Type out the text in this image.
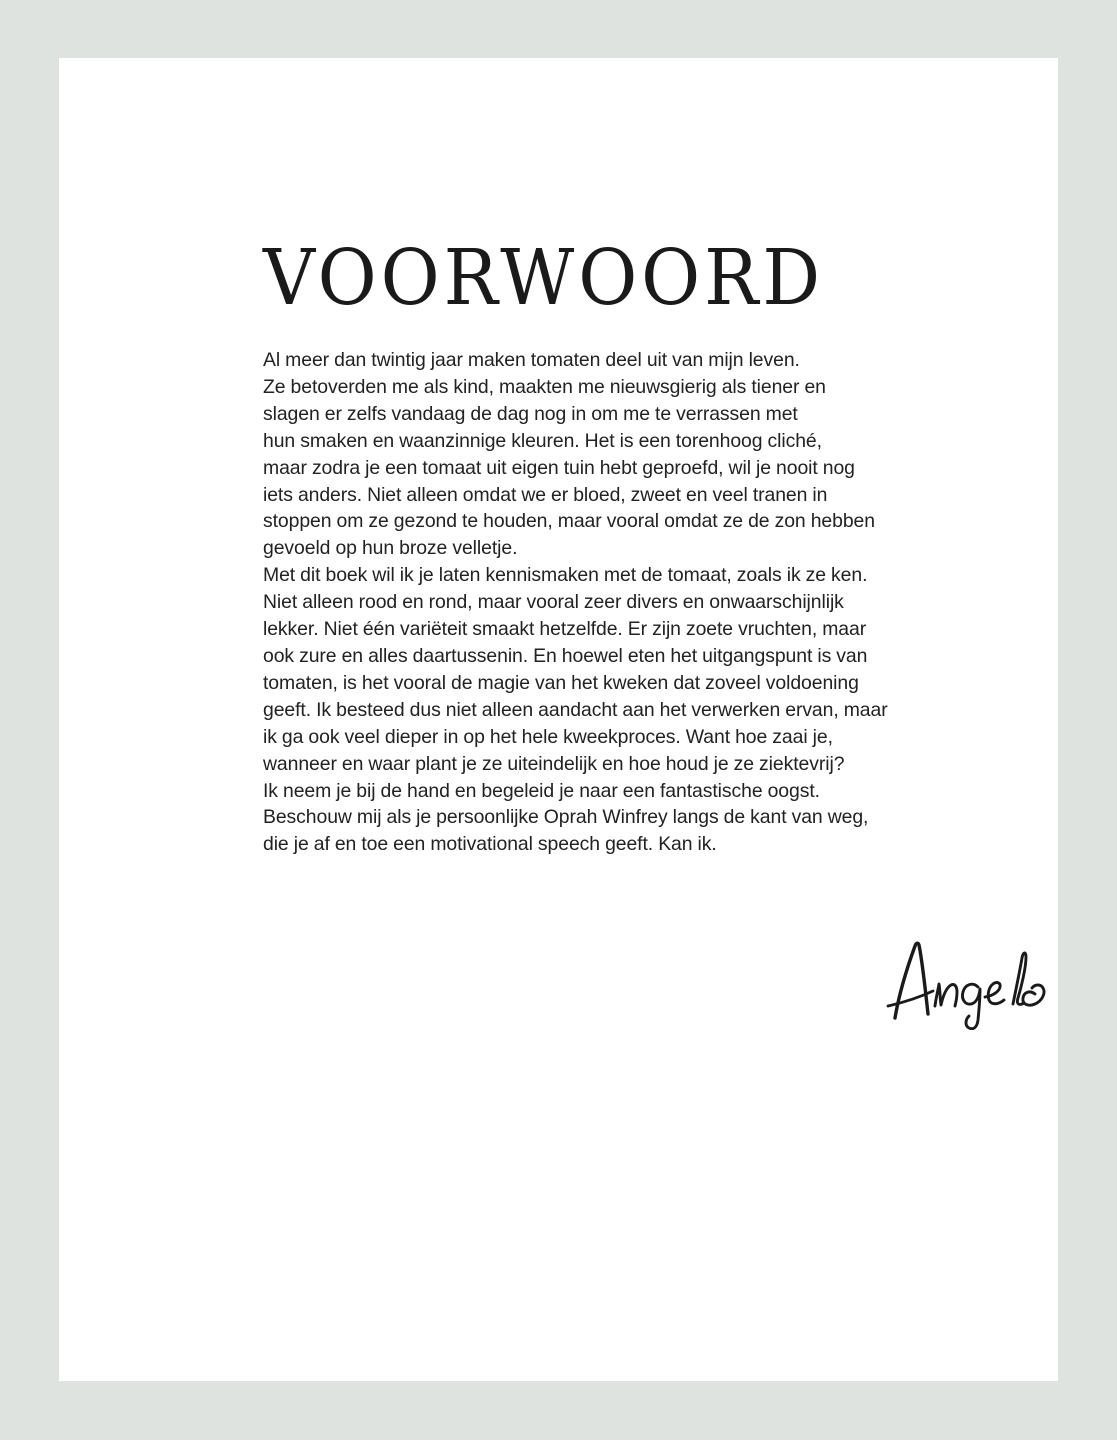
VOORWOORD

Al meer dan twintig jaar maken tomaten deel uit van mijn leven.
Ze betoverden me als kind, maakten me nieuwsgierig als tiener en
slagen er zelfs vandaag de dag nog in om me te verrassen met
hun smaken en waanzinnige kleuren. Het is een torenhoog cliché,
maar zodra je een tomaat uit eigen tuin hebt geproefd, wil je nooit nog
iets anders. Niet alleen omdat we er bloed, zweet en veel tranen in
stoppen om ze gezond te houden, maar vooral omdat ze de zon hebben
gevoeld op hun broze velletje.

Met dit boek wil ik je laten kennismaken met de tomaat, zoals ik ze ken.
Niet alleen rood en rond, maar vooral zeer divers en onwaarschijnlijk
lekker. Niet één variëteit smaakt hetzelfde. Er zijn zoete vruchten, maar
ook zure en alles daartussenin. En hoewel eten het uitgangspunt is van
tomaten, is het vooral de magie van het kweken dat zoveel voldoening
geeft. Ik besteed dus niet alleen aandacht aan het verwerken ervan, maar
ik ga ook veel dieper in op het hele kweekproces. Want hoe zaai je,
wanneer en waar plant je ze uiteindelijk en hoe houd je ze ziektevrij?

Ik neem je bij de hand en begeleid je naar een fantastische oogst.
Beschouw mij als je persoonlijke Oprah Winfrey langs de kant van weg,
die je af en toe een motivational speech geeft. Kan ik.
